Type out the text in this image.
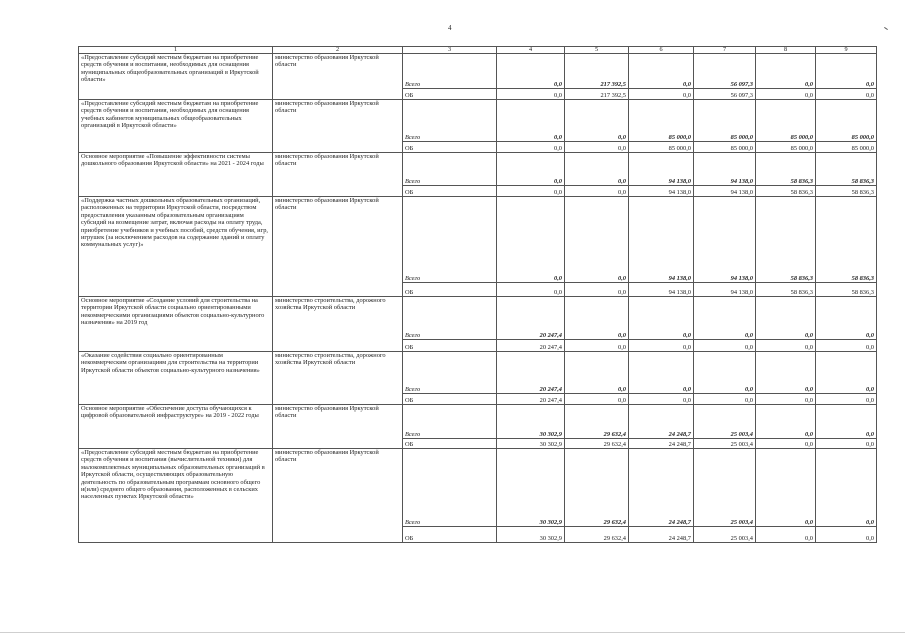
4
1	2	3	4	5	6	7	8	9
«Предоставление субсидий местным бюджетам на приобретение средств обучения и воспитания, необходимых для оснащения муниципальных общеобразовательных организаций в Иркутской области»	министерство образования Иркутской области	Всего	0,0	217 392,5	0,0	56 097,3	0,0	0,0
		ОБ	0,0	217 392,5	0,0	56 097,3	0,0	0,0
«Предоставление субсидий местным бюджетам на приобретение средств обучения и воспитания, необходимых для оснащения учебных кабинетов муниципальных общеобразовательных организаций в Иркутской области»	министерство образования Иркутской области	Всего	0,0	0,0	85 000,0	85 000,0	85 000,0	85 000,0
		ОБ	0,0	0,0	85 000,0	85 000,0	85 000,0	85 000,0
Основное мероприятие «Повышение эффективности системы дошкольного образования Иркутской области» на 2021 - 2024 годы	министерство образования Иркутской области	Всего	0,0	0,0	94 138,0	94 138,0	58 836,3	58 836,3
		ОБ	0,0	0,0	94 138,0	94 138,0	58 836,3	58 836,3
«Поддержка частных дошкольных образовательных организаций, расположенных на территории Иркутской области, посредством предоставления указанным образовательным организациям субсидий на возмещение затрат, включая расходы на оплату труда, приобретение учебников и учебных пособий, средств обучения, игр, игрушек (за исключением расходов на содержание зданий и оплату коммунальных услуг)»	министерство образования Иркутской области	Всего	0,0	0,0	94 138,0	94 138,0	58 836,3	58 836,3
		ОБ	0,0	0,0	94 138,0	94 138,0	58 836,3	58 836,3
Основное мероприятие «Создание условий для строительства на территории Иркутской области социально ориентированными некоммерческими организациями объектов социально-культурного назначения» на 2019 год	министерство строительства, дорожного хозяйства Иркутской области	Всего	20 247,4	0,0	0,0	0,0	0,0	0,0
		ОБ	20 247,4	0,0	0,0	0,0	0,0	0,0
«Оказание содействия социально ориентированным некоммерческим организациям для строительства на территории Иркутской области объектов социально-культурного назначения»	министерство строительства, дорожного хозяйства Иркутской области	Всего	20 247,4	0,0	0,0	0,0	0,0	0,0
		ОБ	20 247,4	0,0	0,0	0,0	0,0	0,0
Основное мероприятие «Обеспечение доступа обучающихся к цифровой образовательной инфраструктуре» на 2019 - 2022 годы	министерство образования Иркутской области	Всего	30 302,9	29 632,4	24 248,7	25 003,4	0,0	0,0
		ОБ	30 302,9	29 632,4	24 248,7	25 003,4	0,0	0,0
«Предоставление субсидий местным бюджетам на приобретение средств обучения и воспитания (вычислительной техники) для малокомплектных муниципальных образовательных организаций в Иркутской области, осуществляющих образовательную деятельность по образовательным программам основного общего и(или) среднего общего образования, расположенных в сельских населенных пунктах Иркутской области»	министерство образования Иркутской области	Всего	30 302,9	29 632,4	24 248,7	25 003,4	0,0	0,0
		ОБ	30 302,9	29 632,4	24 248,7	25 003,4	0,0	0,0
